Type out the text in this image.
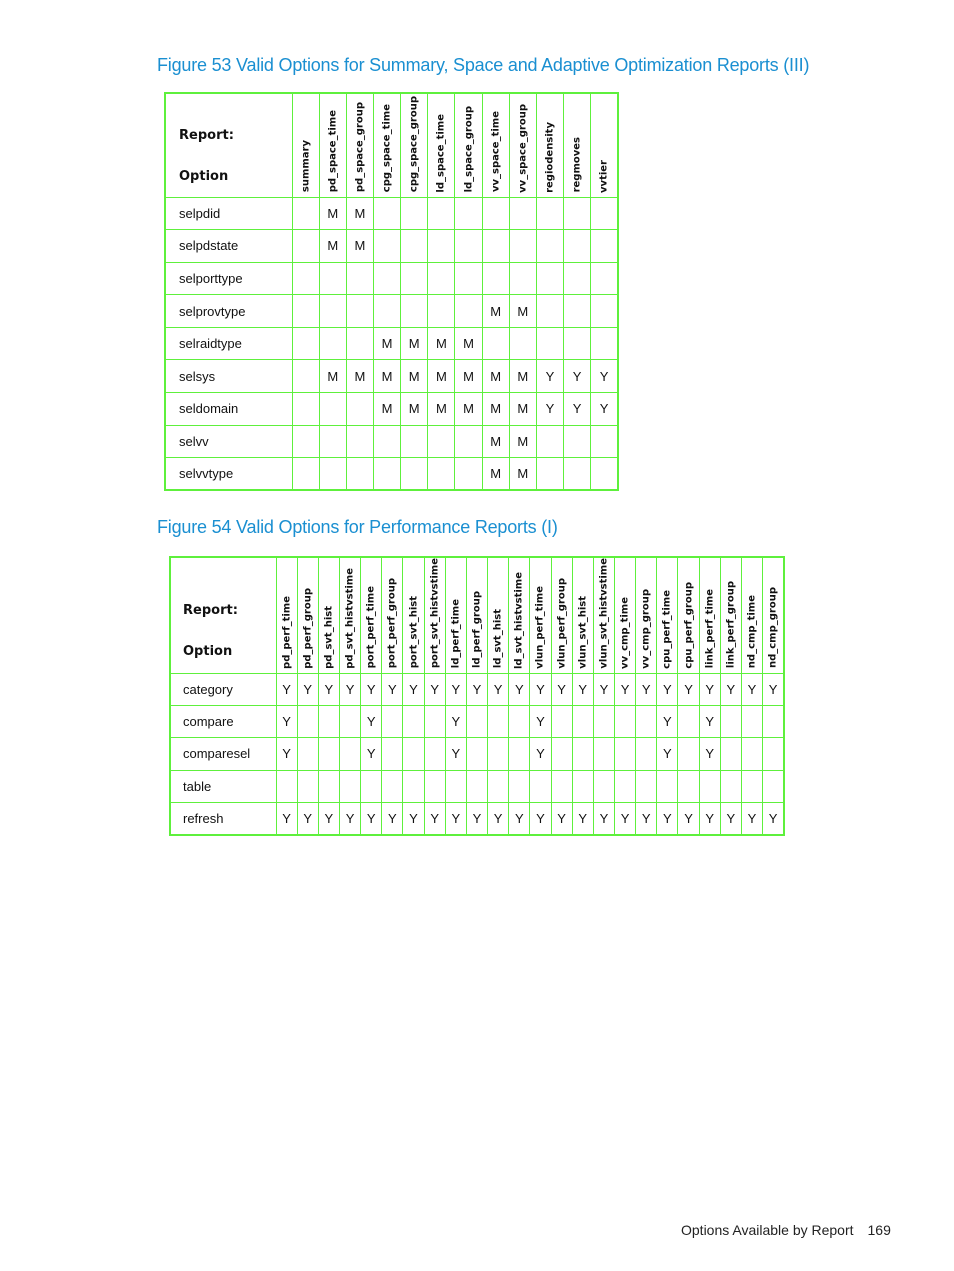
Figure 53 Valid Options for Summary, Space and Adaptive Optimization Reports (III)
Report:
Option	summary	pd_space_time	pd_space_group	cpg_space_time	cpg_space_group	ld_space_time	ld_space_group	vv_space_time	vv_space_group	regiodensity	regmoves	vvtier

selpdid		M	M									
selpdstate		M	M									
selporttype												
selprovtype								M	M			
selraidtype				M	M	M	M					
selsys		M	M	M	M	M	M	M	M	Y	Y	Y
seldomain				M	M	M	M	M	M	Y	Y	Y
selvv								M	M			
selvvtype								M	M			
Figure 54 Valid Options for Performance Reports (I)
Report:
Option	pd_perf_time	pd_perf_group	pd_svt_hist	pd_svt_histvstime	port_perf_time	port_perf_group	port_svt_hist	port_svt_histvstime	ld_perf_time	ld_perf_group	ld_svt_hist	ld_svt_histvstime	vlun_perf_time	vlun_perf_group	vlun_svt_hist	vlun_svt_histvstime	vv_cmp_time	vv_cmp_group	cpu_perf_time	cpu_perf_group	link_perf_time	link_perf_group	nd_cmp_time	nd_cmp_group

category	Y	Y	Y	Y	Y	Y	Y	Y	Y	Y	Y	Y	Y	Y	Y	Y	Y	Y	Y	Y	Y	Y	Y	Y
compare	Y				Y				Y				Y						Y		Y			
comparesel	Y				Y				Y				Y						Y		Y			
table																								
refresh	Y	Y	Y	Y	Y	Y	Y	Y	Y	Y	Y	Y	Y	Y	Y	Y	Y	Y	Y	Y	Y	Y	Y	Y
Options Available by Report 169
